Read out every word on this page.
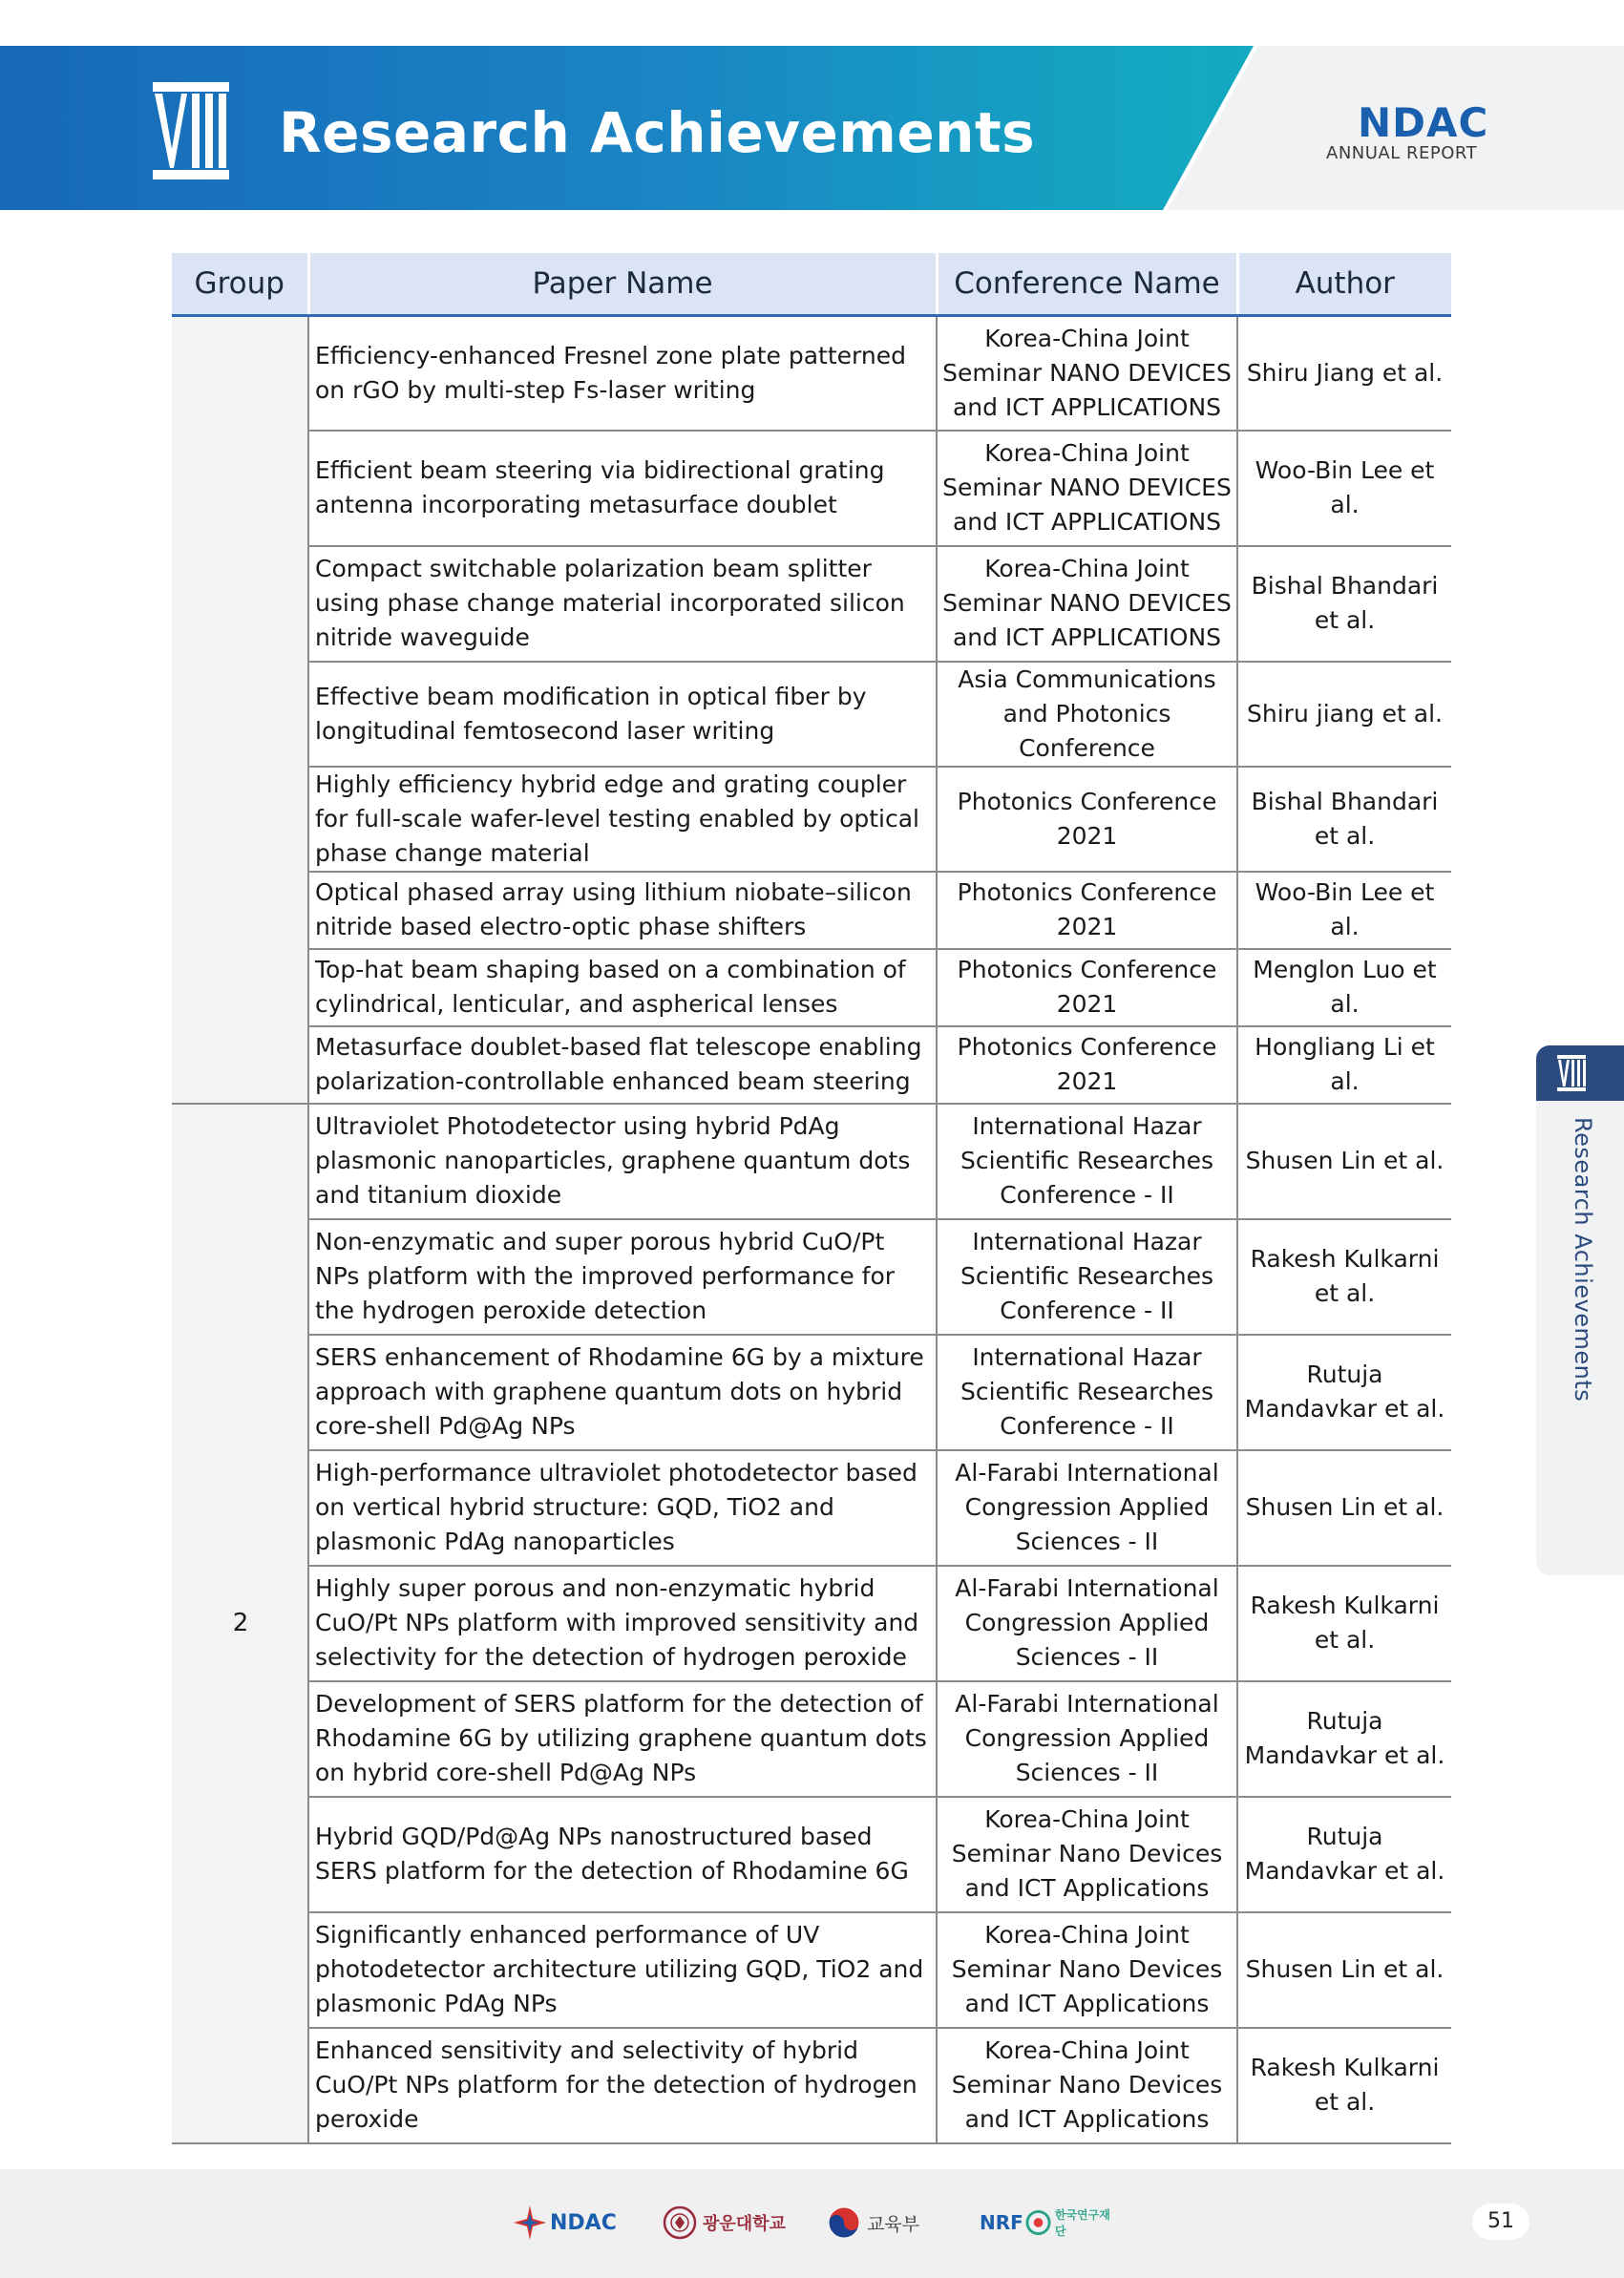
Research Achievements	NDAC
ANNUAL REPORT
Group	Paper Name	Conference Name	Author
	Efficiency-enhanced Fresnel zone plate patterned on rGO by multi-step Fs-laser writing	Korea-China Joint Seminar NANO DEVICES and ICT APPLICATIONS	Shiru Jiang et al.
	Efficient beam steering via bidirectional grating antenna incorporating metasurface doublet	Korea-China Joint Seminar NANO DEVICES and ICT APPLICATIONS	Woo-Bin Lee et al.
	Compact switchable polarization beam splitter using phase change material incorporated silicon nitride waveguide	Korea-China Joint Seminar NANO DEVICES and ICT APPLICATIONS	Bishal Bhandari et al.
	Effective beam modification in optical fiber by longitudinal femtosecond laser writing	Asia Communications and Photonics Conference	Shiru jiang et al.
	Highly efficiency hybrid edge and grating coupler for full-scale wafer-level testing enabled by optical phase change material	Photonics Conference 2021	Bishal Bhandari et al.
	Optical phased array using lithium niobate–silicon nitride based electro-optic phase shifters	Photonics Conference 2021	Woo-Bin Lee et al.
	Top-hat beam shaping based on a combination of cylindrical, lenticular, and aspherical lenses	Photonics Conference 2021	Menglon Luo et al.
	Metasurface doublet-based flat telescope enabling polarization-controllable enhanced beam steering	Photonics Conference 2021	Hongliang Li et al.
2	Ultraviolet Photodetector using hybrid PdAg plasmonic nanoparticles, graphene quantum dots and titanium dioxide	International Hazar Scientific Researches Conference - II	Shusen Lin et al.
	Non-enzymatic and super porous hybrid CuO/Pt NPs platform with the improved performance for the hydrogen peroxide detection	International Hazar Scientific Researches Conference - II	Rakesh Kulkarni et al.
	SERS enhancement of Rhodamine 6G by a mixture approach with graphene quantum dots on hybrid core-shell Pd@Ag NPs	International Hazar Scientific Researches Conference - II	Rutuja Mandavkar et al.
	High-performance ultraviolet photodetector based on vertical hybrid structure: GQD, TiO2 and plasmonic PdAg nanoparticles	Al-Farabi International Congression Applied Sciences - II	Shusen Lin et al.
	Highly super porous and non-enzymatic hybrid CuO/Pt NPs platform with improved sensitivity and selectivity for the detection of hydrogen peroxide	Al-Farabi International Congression Applied Sciences - II	Rakesh Kulkarni et al.
	Development of SERS platform for the detection of Rhodamine 6G by utilizing graphene quantum dots on hybrid core-shell Pd@Ag NPs	Al-Farabi International Congression Applied Sciences - II	Rutuja Mandavkar et al.
	Hybrid GQD/Pd@Ag NPs nanostructured based SERS platform for the detection of Rhodamine 6G	Korea-China Joint Seminar Nano Devices and ICT Applications	Rutuja Mandavkar et al.
	Significantly enhanced performance of UV photodetector architecture utilizing GQD, TiO2 and plasmonic PdAg NPs	Korea-China Joint Seminar Nano Devices and ICT Applications	Shusen Lin et al.
	Enhanced sensitivity and selectivity of hybrid CuO/Pt NPs platform for the detection of hydrogen peroxide	Korea-China Joint Seminar Nano Devices and ICT Applications	Rakesh Kulkarni et al.
Research Achievements
NDAC	광운대학교	교육부	NRF	한국연구재단	51
